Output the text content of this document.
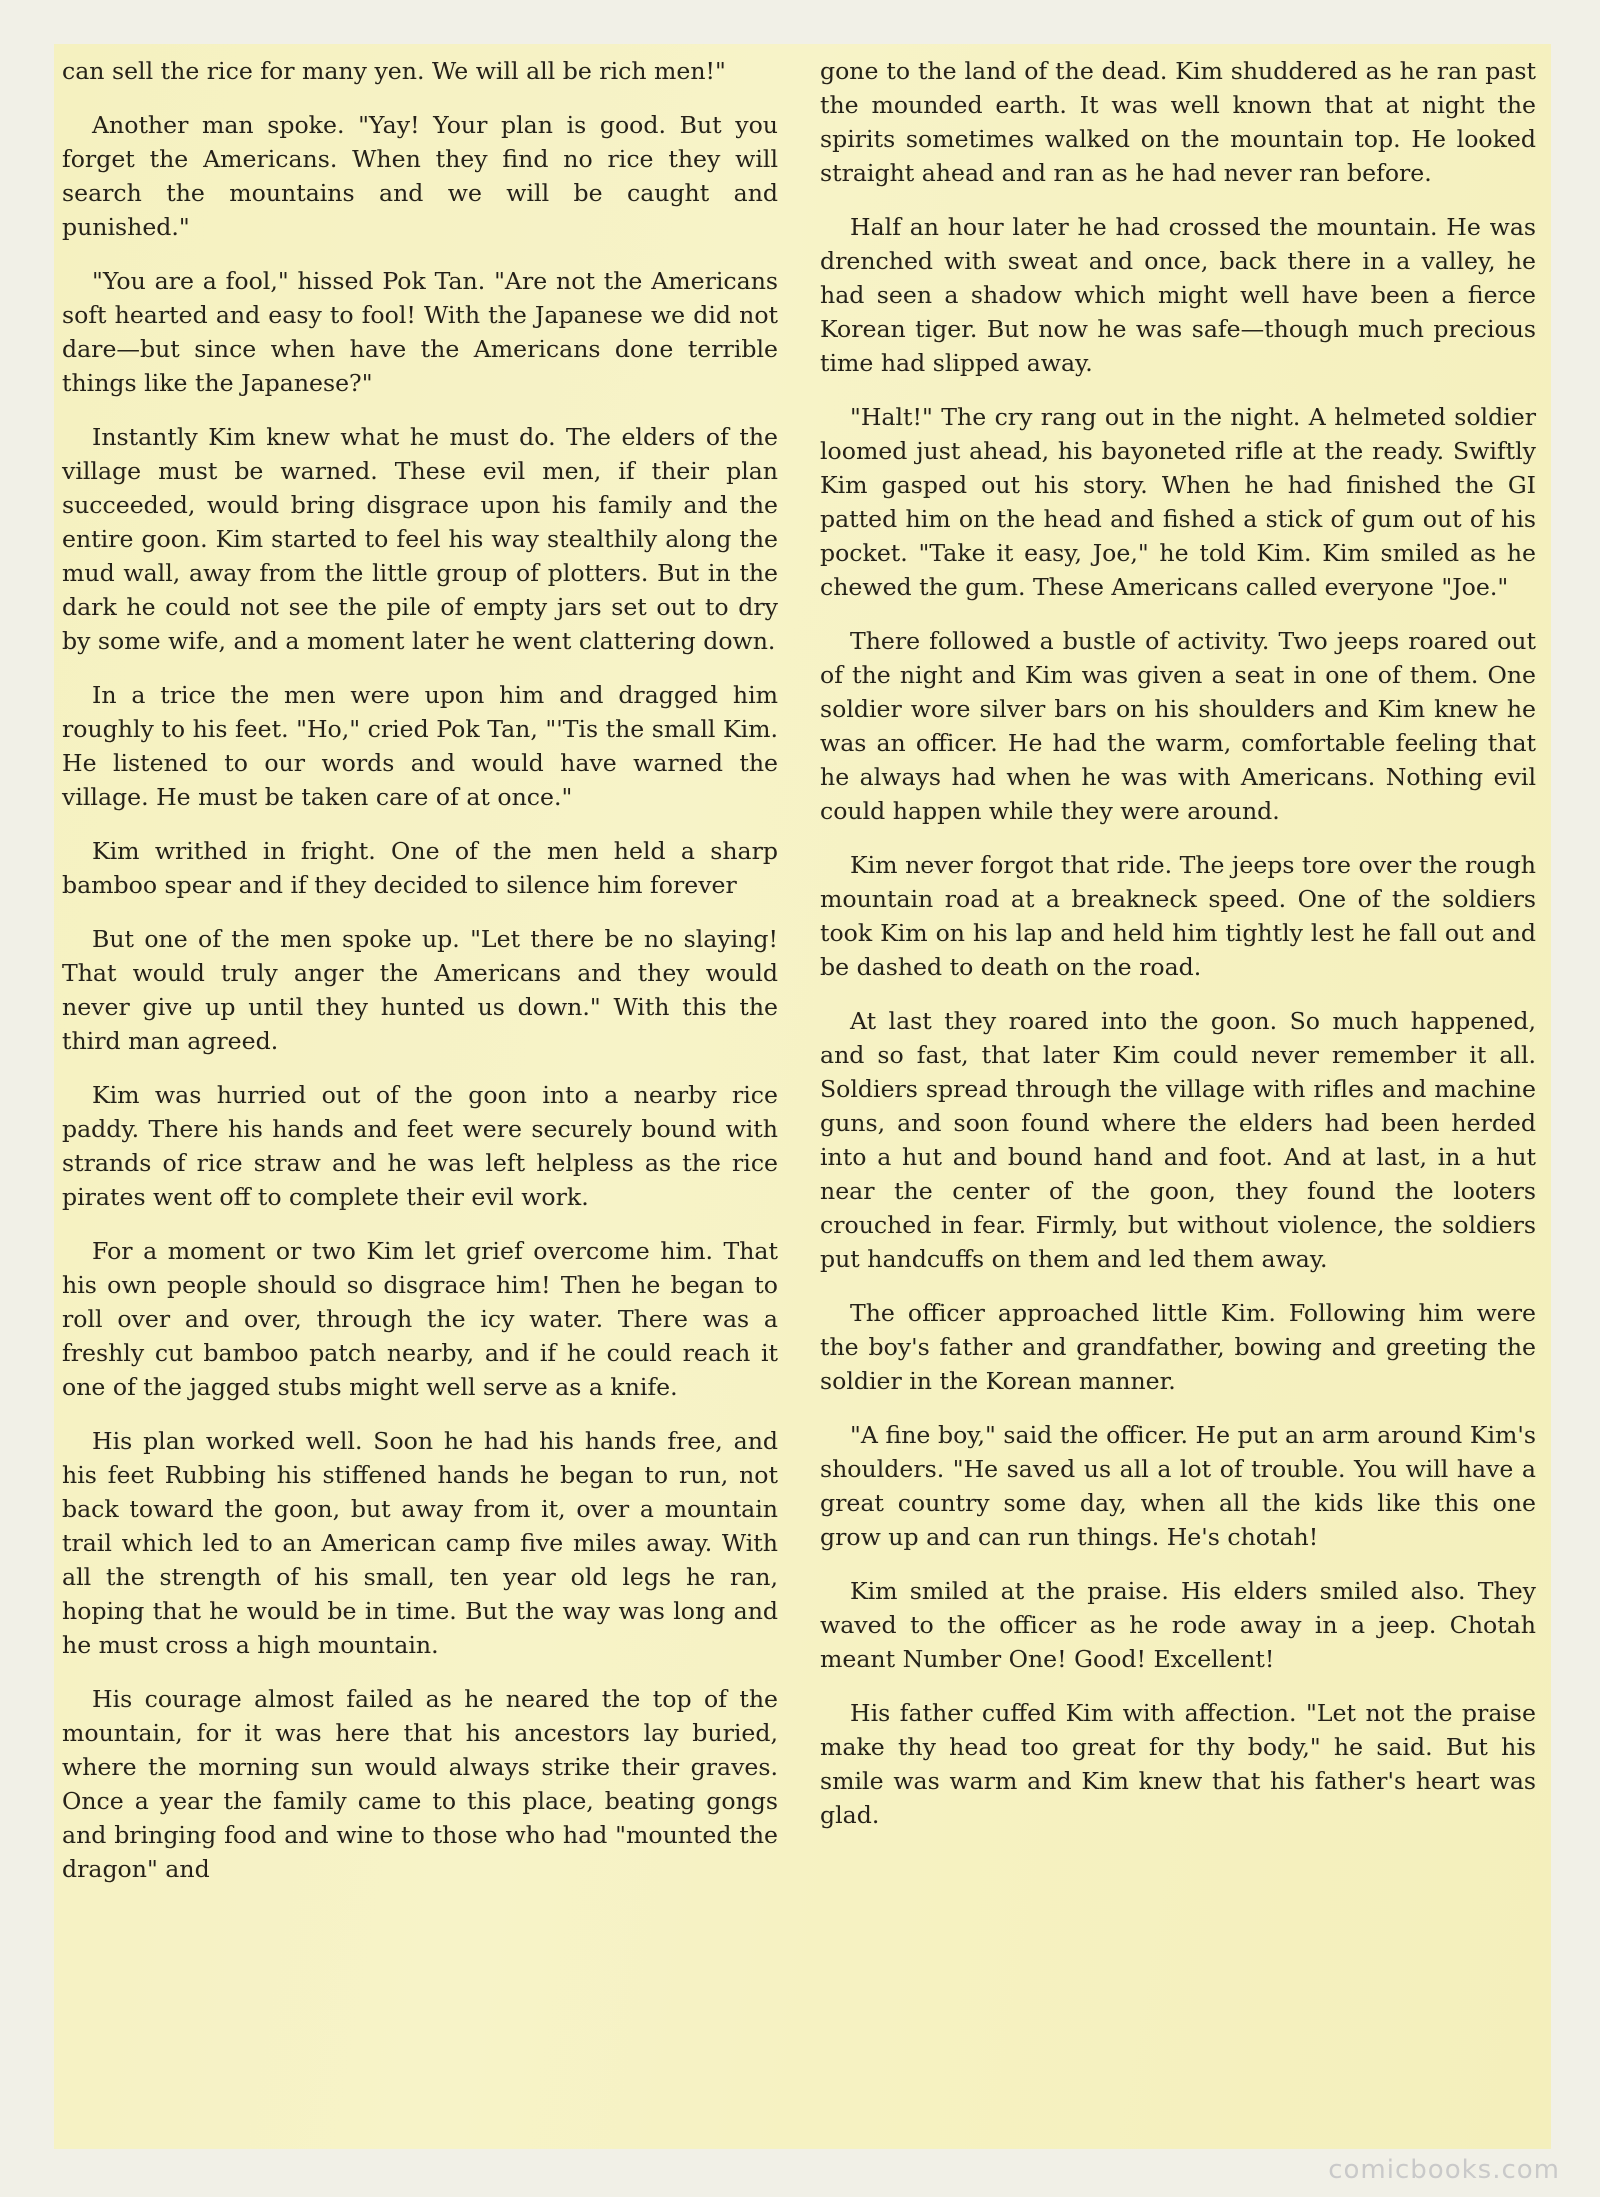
can sell the rice for many yen. We will all be rich men!"

Another man spoke. "Yay! Your plan is good. But you forget the Americans. When they find no rice they will search the mountains and we will be caught and punished."

"You are a fool," hissed Pok Tan. "Are not the Americans soft hearted and easy to fool! With the Japanese we did not dare—but since when have the Americans done terrible things like the Japanese?"

Instantly Kim knew what he must do. The elders of the village must be warned. These evil men, if their plan succeeded, would bring disgrace upon his family and the entire goon. Kim started to feel his way stealthily along the mud wall, away from the little group of plotters. But in the dark he could not see the pile of empty jars set out to dry by some wife, and a moment later he went clattering down.

In a trice the men were upon him and dragged him roughly to his feet. "Ho," cried Pok Tan, "'Tis the small Kim. He listened to our words and would have warned the village. He must be taken care of at once."

Kim writhed in fright. One of the men held a sharp bamboo spear and if they decided to silence him forever

But one of the men spoke up. "Let there be no slaying! That would truly anger the Americans and they would never give up until they hunted us down." With this the third man agreed.

Kim was hurried out of the goon into a nearby rice paddy. There his hands and feet were securely bound with strands of rice straw and he was left helpless as the rice pirates went off to complete their evil work.

For a moment or two Kim let grief overcome him. That his own people should so disgrace him! Then he began to roll over and over, through the icy water. There was a freshly cut bamboo patch nearby, and if he could reach it one of the jagged stubs might well serve as a knife.

His plan worked well. Soon he had his hands free, and his feet Rubbing his stiffened hands he began to run, not back toward the goon, but away from it, over a mountain trail which led to an American camp five miles away. With all the strength of his small, ten year old legs he ran, hoping that he would be in time. But the way was long and he must cross a high mountain.

His courage almost failed as he neared the top of the mountain, for it was here that his ancestors lay buried, where the morning sun would always strike their graves. Once a year the family came to this place, beating gongs and bringing food and wine to those who had "mounted the dragon" and

gone to the land of the dead. Kim shuddered as he ran past the mounded earth. It was well known that at night the spirits sometimes walked on the mountain top. He looked straight ahead and ran as he had never ran before.

Half an hour later he had crossed the mountain. He was drenched with sweat and once, back there in a valley, he had seen a shadow which might well have been a fierce Korean tiger. But now he was safe—though much precious time had slipped away.

"Halt!" The cry rang out in the night. A helmeted soldier loomed just ahead, his bayoneted rifle at the ready. Swiftly Kim gasped out his story. When he had finished the GI patted him on the head and fished a stick of gum out of his pocket. "Take it easy, Joe," he told Kim. Kim smiled as he chewed the gum. These Americans called everyone "Joe."

There followed a bustle of activity. Two jeeps roared out of the night and Kim was given a seat in one of them. One soldier wore silver bars on his shoulders and Kim knew he was an officer. He had the warm, comfortable feeling that he always had when he was with Americans. Nothing evil could happen while they were around.

Kim never forgot that ride. The jeeps tore over the rough mountain road at a breakneck speed. One of the soldiers took Kim on his lap and held him tightly lest he fall out and be dashed to death on the road.

At last they roared into the goon. So much happened, and so fast, that later Kim could never remember it all. Soldiers spread through the village with rifles and machine guns, and soon found where the elders had been herded into a hut and bound hand and foot. And at last, in a hut near the center of the goon, they found the looters crouched in fear. Firmly, but without violence, the soldiers put handcuffs on them and led them away.

The officer approached little Kim. Following him were the boy's father and grandfather, bowing and greeting the soldier in the Korean manner.

"A fine boy," said the officer. He put an arm around Kim's shoulders. "He saved us all a lot of trouble. You will have a great country some day, when all the kids like this one grow up and can run things. He's chotah!

Kim smiled at the praise. His elders smiled also. They waved to the officer as he rode away in a jeep. Chotah meant Number One! Good! Excellent!

His father cuffed Kim with affection. "Let not the praise make thy head too great for thy body," he said. But his smile was warm and Kim knew that his father's heart was glad.

comicbooks.com
